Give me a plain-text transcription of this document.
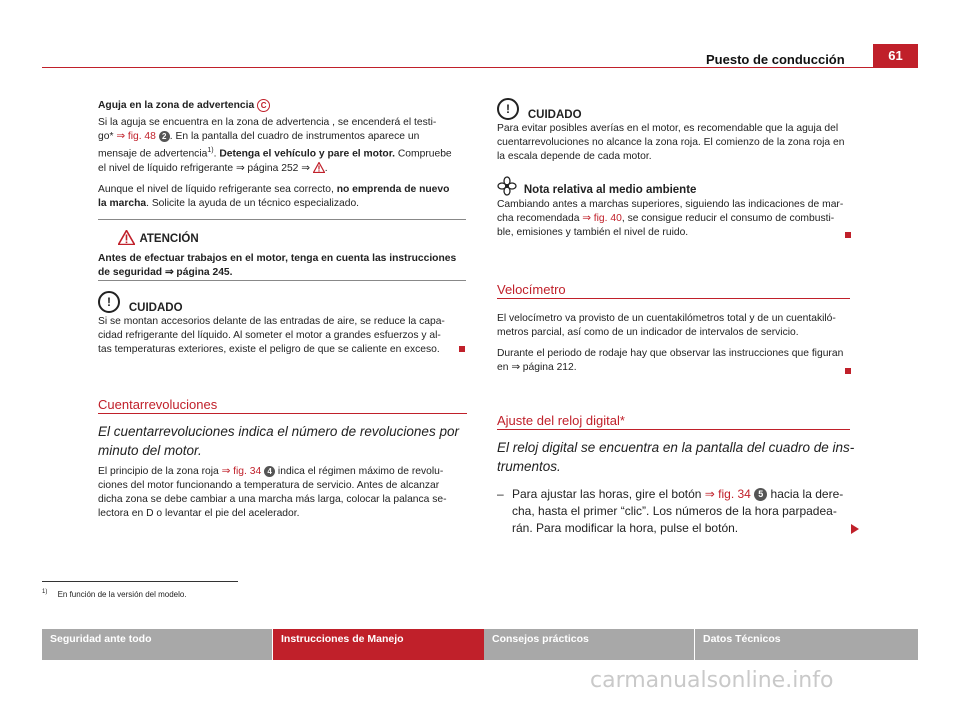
Puesto de conducción	61

Aguja en la zona de advertencia C

Si la aguja se encuentra en la zona de advertencia , se encenderá el testi-
go* ⇒ fig. 48 2 . En la pantalla del cuadro de instrumentos aparece un
mensaje de advertencia$^{1)}$. Detenga el vehículo y pare el motor. Compruebe
el nivel de líquido refrigerante ⇒ página 252 ⇒ .

Aunque el nivel de líquido refrigerante sea correcto, no emprenda de nuevo
la marcha. Solicite la ayuda de un técnico especializado.

ATENCIÓN
Antes de efectuar trabajos en el motor, tenga en cuenta las instrucciones
de seguridad ⇒ página 245.
! CUIDADO

Si se montan accesorios delante de las entradas de aire, se reduce la capa-
cidad refrigerante del líquido. Al someter el motor a grandes esfuerzos y al-
tas temperaturas exteriores, existe el peligro de que se caliente en exceso.

Cuentarrevoluciones
El cuentarrevoluciones indica el número de revoluciones por
minuto del motor.

El principio de la zona roja ⇒ fig. 34 4 indica el régimen máximo de revolu-
ciones del motor funcionando a temperatura de servicio. Antes de alcanzar
dicha zona se debe cambiar a una marcha más larga, colocar la palanca se-
lectora en D o levantar el pie del acelerador.

! CUIDADO

Para evitar posibles averías en el motor, es recomendable que la aguja del
cuentarrevoluciones no alcance la zona roja. El comienzo de la zona roja en
la escala depende de cada motor.

Nota relativa al medio ambiente

Cambiando antes a marchas superiores, siguiendo las indicaciones de mar-
cha recomendada ⇒ fig. 40, se consigue reducir el consumo de combusti-
ble, emisiones y también el nivel de ruido.

Velocímetro

El velocímetro va provisto de un cuentakilómetros total y de un cuentakiló-
metros parcial, así como de un indicador de intervalos de servicio.

Durante el periodo de rodaje hay que observar las instrucciones que figuran
en ⇒ página 212.

Ajuste del reloj digital*
El reloj digital se encuentra en la pantalla del cuadro de ins-
trumentos.
– Para ajustar las horas, gire el botón ⇒ fig. 34 5 hacia la dere-
cha, hasta el primer “clic”. Los números de la hora parpadea-
rán. Para modificar la hora, pulse el botón.
$^{1)}$ En función de la versión del modelo.
Seguridad ante todo	Instrucciones de Manejo	Consejos prácticos	Datos Técnicos
carmanualsonline.info
